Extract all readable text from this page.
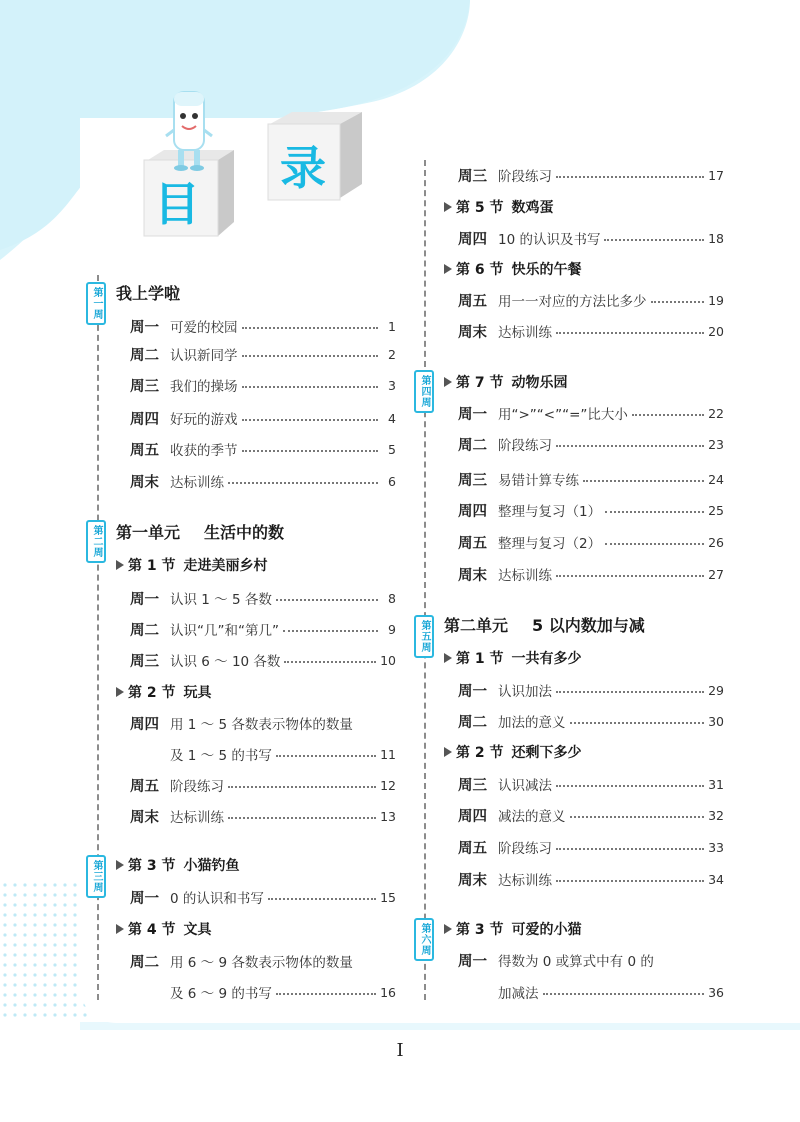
目
录
第一周
第二周
第三周
第四周
第五周
第六周
我上学啦
周一 可爱的校园	1
周二 认识新同学	2
周三 我们的操场	3
周四 好玩的游戏	4
周五 收获的季节	5
周末 达标训练	6
第一单元 生活中的数
第 1 节 走进美丽乡村
周一 认识 1 ～ 5 各数	8
周二 认识“几”和“第几”	9
周三 认识 6 ～ 10 各数	10
第 2 节 玩具
周四 用 1 ～ 5 各数表示物体的数量
及 1 ～ 5 的书写	11
周五 阶段练习	12
周末 达标训练	13
第 3 节 小猫钓鱼
周一 0 的认识和书写	15
第 4 节 文具
周二 用 6 ～ 9 各数表示物体的数量
及 6 ～ 9 的书写	16
周三 阶段练习	17
第 5 节 数鸡蛋
周四 10 的认识及书写	18
第 6 节 快乐的午餐
周五 用一一对应的方法比多少	19
周末 达标训练	20
第 7 节 动物乐园
周一 用“>”“<”“=”比大小	22
周二 阶段练习	23
周三 易错计算专练	24
周四 整理与复习（1）	25
周五 整理与复习（2）	26
周末 达标训练	27
第二单元 5 以内数加与减
第 1 节 一共有多少
周一 认识加法	29
周二 加法的意义	30
第 2 节 还剩下多少
周三 认识减法	31
周四 减法的意义	32
周五 阶段练习	33
周末 达标训练	34
第 3 节 可爱的小猫
周一 得数为 0 或算式中有 0 的
加减法	36
I
